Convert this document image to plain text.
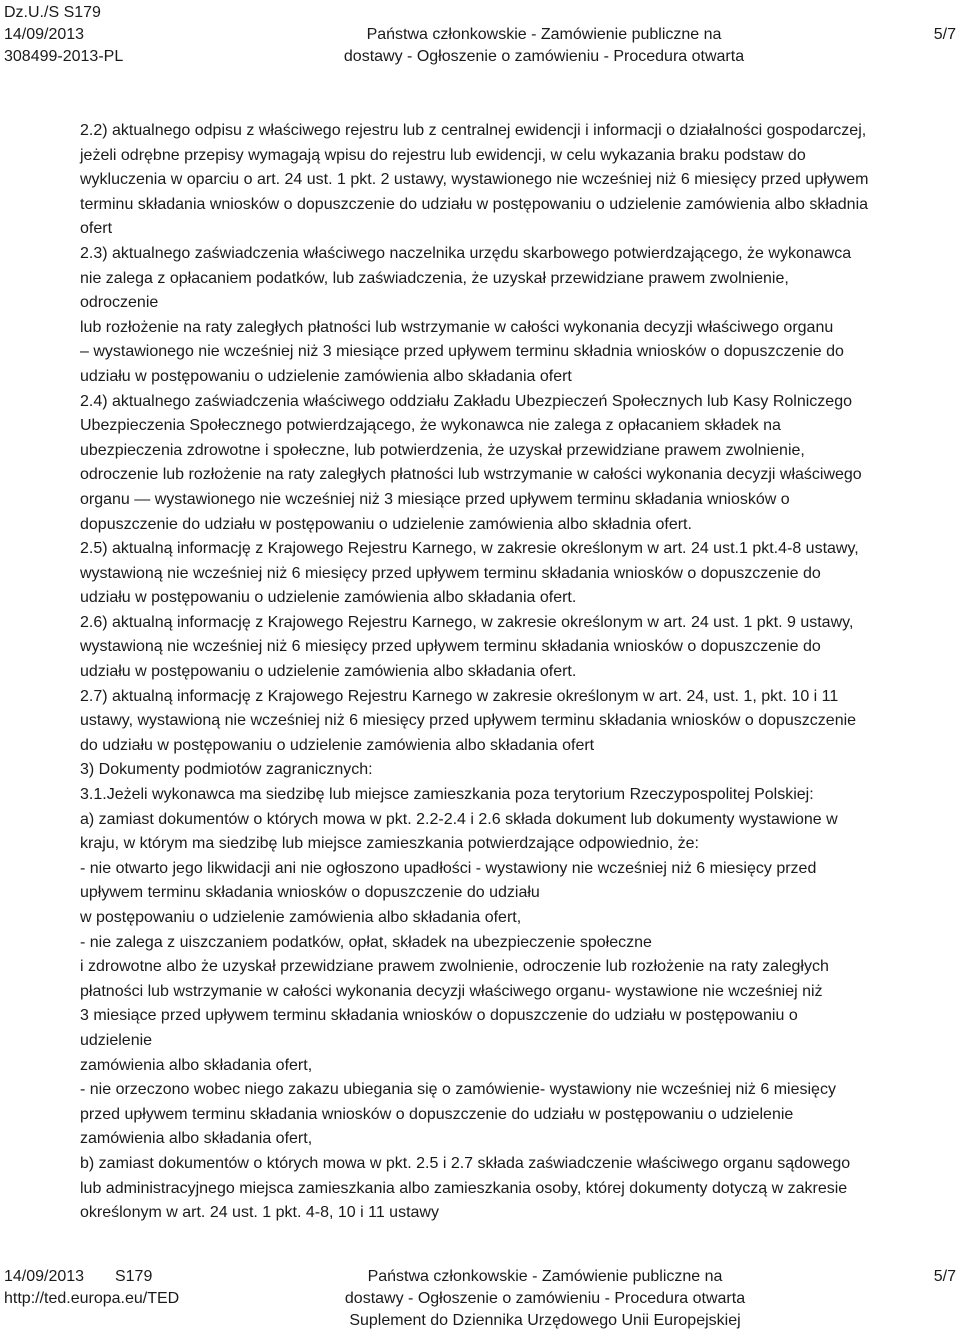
Dz.U./S S179
14/09/2013
308499-2013-PL
Państwa członkowskie - Zamówienie publiczne na
dostawy - Ogłoszenie o zamówieniu - Procedura otwarta
5/7

2.2) aktualnego odpisu z właściwego rejestru lub z centralnej ewidencji i informacji o działalności gospodarczej,

jeżeli odrębne przepisy wymagają wpisu do rejestru lub ewidencji, w celu wykazania braku podstaw do

wykluczenia w oparciu o art. 24 ust. 1 pkt. 2 ustawy, wystawionego nie wcześniej niż 6 miesięcy przed upływem

terminu składania wniosków o dopuszczenie do udziału w postępowaniu o udzielenie zamówienia albo składnia

ofert

2.3) aktualnego zaświadczenia właściwego naczelnika urzędu skarbowego potwierdzającego, że wykonawca

nie zalega z opłacaniem podatków, lub zaświadczenia, że uzyskał przewidziane prawem zwolnienie,

odroczenie

lub rozłożenie na raty zaległych płatności lub wstrzymanie w całości wykonania decyzji właściwego organu

– wystawionego nie wcześniej niż 3 miesiące przed upływem terminu składnia wniosków o dopuszczenie do

udziału w postępowaniu o udzielenie zamówienia albo składania ofert

2.4) aktualnego zaświadczenia właściwego oddziału Zakładu Ubezpieczeń Społecznych lub Kasy Rolniczego

Ubezpieczenia Społecznego potwierdzającego, że wykonawca nie zalega z opłacaniem składek na

ubezpieczenia zdrowotne i społeczne, lub potwierdzenia, że uzyskał przewidziane prawem zwolnienie,

odroczenie lub rozłożenie na raty zaległych płatności lub wstrzymanie w całości wykonania decyzji właściwego

organu — wystawionego nie wcześniej niż 3 miesiące przed upływem terminu składania wniosków o

dopuszczenie do udziału w postępowaniu o udzielenie zamówienia albo składnia ofert.

2.5) aktualną informację z Krajowego Rejestru Karnego, w zakresie określonym w art. 24 ust.1 pkt.4-8 ustawy,

wystawioną nie wcześniej niż 6 miesięcy przed upływem terminu składania wniosków o dopuszczenie do

udziału w postępowaniu o udzielenie zamówienia albo składania ofert.

2.6) aktualną informację z Krajowego Rejestru Karnego, w zakresie określonym w art. 24 ust. 1 pkt. 9 ustawy,

wystawioną nie wcześniej niż 6 miesięcy przed upływem terminu składania wniosków o dopuszczenie do

udziału w postępowaniu o udzielenie zamówienia albo składania ofert.

2.7) aktualną informację z Krajowego Rejestru Karnego w zakresie określonym w art. 24, ust. 1, pkt. 10 i 11

ustawy, wystawioną nie wcześniej niż 6 miesięcy przed upływem terminu składania wniosków o dopuszczenie

do udziału w postępowaniu o udzielenie zamówienia albo składania ofert

3) Dokumenty podmiotów zagranicznych:

3.1.Jeżeli wykonawca ma siedzibę lub miejsce zamieszkania poza terytorium Rzeczypospolitej Polskiej:

a) zamiast dokumentów o których mowa w pkt. 2.2-2.4 i 2.6 składa dokument lub dokumenty wystawione w

kraju, w którym ma siedzibę lub miejsce zamieszkania potwierdzające odpowiednio, że:

- nie otwarto jego likwidacji ani nie ogłoszono upadłości - wystawiony nie wcześniej niż 6 miesięcy przed

upływem terminu składania wniosków o dopuszczenie do udziału

w postępowaniu o udzielenie zamówienia albo składania ofert,

- nie zalega z uiszczaniem podatków, opłat, składek na ubezpieczenie społeczne

i zdrowotne albo że uzyskał przewidziane prawem zwolnienie, odroczenie lub rozłożenie na raty zaległych

płatności lub wstrzymanie w całości wykonania decyzji właściwego organu- wystawione nie wcześniej niż

3 miesiące przed upływem terminu składania wniosków o dopuszczenie do udziału w postępowaniu o

udzielenie

zamówienia albo składania ofert,

- nie orzeczono wobec niego zakazu ubiegania się o zamówienie- wystawiony nie wcześniej niż 6 miesięcy

przed upływem terminu składania wniosków o dopuszczenie do udziału w postępowaniu o udzielenie

zamówienia albo składania ofert,

b) zamiast dokumentów o których mowa w pkt. 2.5 i 2.7 składa zaświadczenie właściwego organu sądowego

lub administracyjnego miejsca zamieszkania albo zamieszkania osoby, której dokumenty dotyczą w zakresie

określonym w art. 24 ust. 1 pkt. 4-8, 10 i 11 ustawy

14/09/2013 S179
http://ted.europa.eu/TED
Państwa członkowskie - Zamówienie publiczne na
dostawy - Ogłoszenie o zamówieniu - Procedura otwarta
Suplement do Dziennika Urzędowego Unii Europejskiej
5/7
